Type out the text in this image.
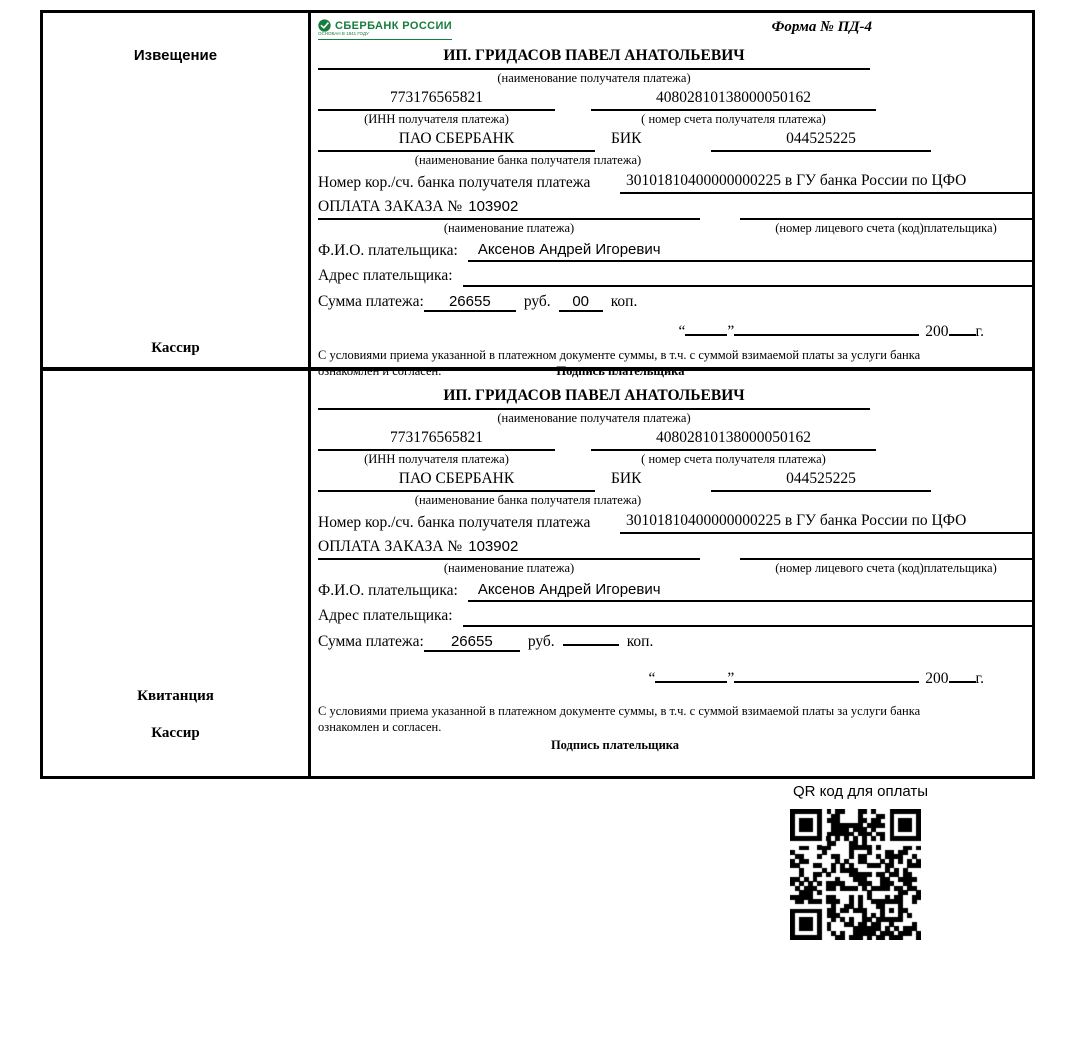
Извещение
Кассир
СБЕРБАНК РОССИИ
ОСНОВАН В 1841 ГОДУ	Форма № ПД-4
ИП. ГРИДАСОВ ПАВЕЛ АНАТОЛЬЕВИЧ
(наименование получателя платежа)
773176565821
(ИНН получателя платежа)
40802810138000050162
( номер счета получателя платежа)
ПАО СБЕРБАНК	БИК	044525225
(наименование банка получателя платежа)
Номер кор./сч. банка получателя платежа	30101810400000000225 в ГУ банка России по ЦФО
ОПЛАТА ЗАКАЗА № 103902
(наименование платежа)	(номер лицевого счета (код)плательщика)
Ф.И.О. плательщика:	Аксенов Андрей Игоревич
Адрес плательщика:
Сумма платежа:	26655	руб.	00	коп.
“	”	200 г.
С условиями приема указанной в платежном документе суммы, в т.ч. с суммой взимаемой платы за услуги банка
ознакомлен и согласен.	Подпись плательщика
Квитанция
Кассир
ИП. ГРИДАСОВ ПАВЕЛ АНАТОЛЬЕВИЧ
(наименование получателя платежа)
773176565821
(ИНН получателя платежа)
40802810138000050162
( номер счета получателя платежа)
ПАО СБЕРБАНК	БИК	044525225
(наименование банка получателя платежа)
Номер кор./сч. банка получателя платежа	30101810400000000225 в ГУ банка России по ЦФО
ОПЛАТА ЗАКАЗА № 103902
(наименование платежа)	(номер лицевого счета (код)плательщика)
Ф.И.О. плательщика:	Аксенов Андрей Игоревич
Адрес плательщика:
Сумма платежа:	26655	руб.	коп.
“	”	200 г.
С условиями приема указанной в платежном документе суммы, в т.ч. с суммой взимаемой платы за услуги банка
ознакомлен и согласен.
Подпись плательщика
QR код для оплаты
